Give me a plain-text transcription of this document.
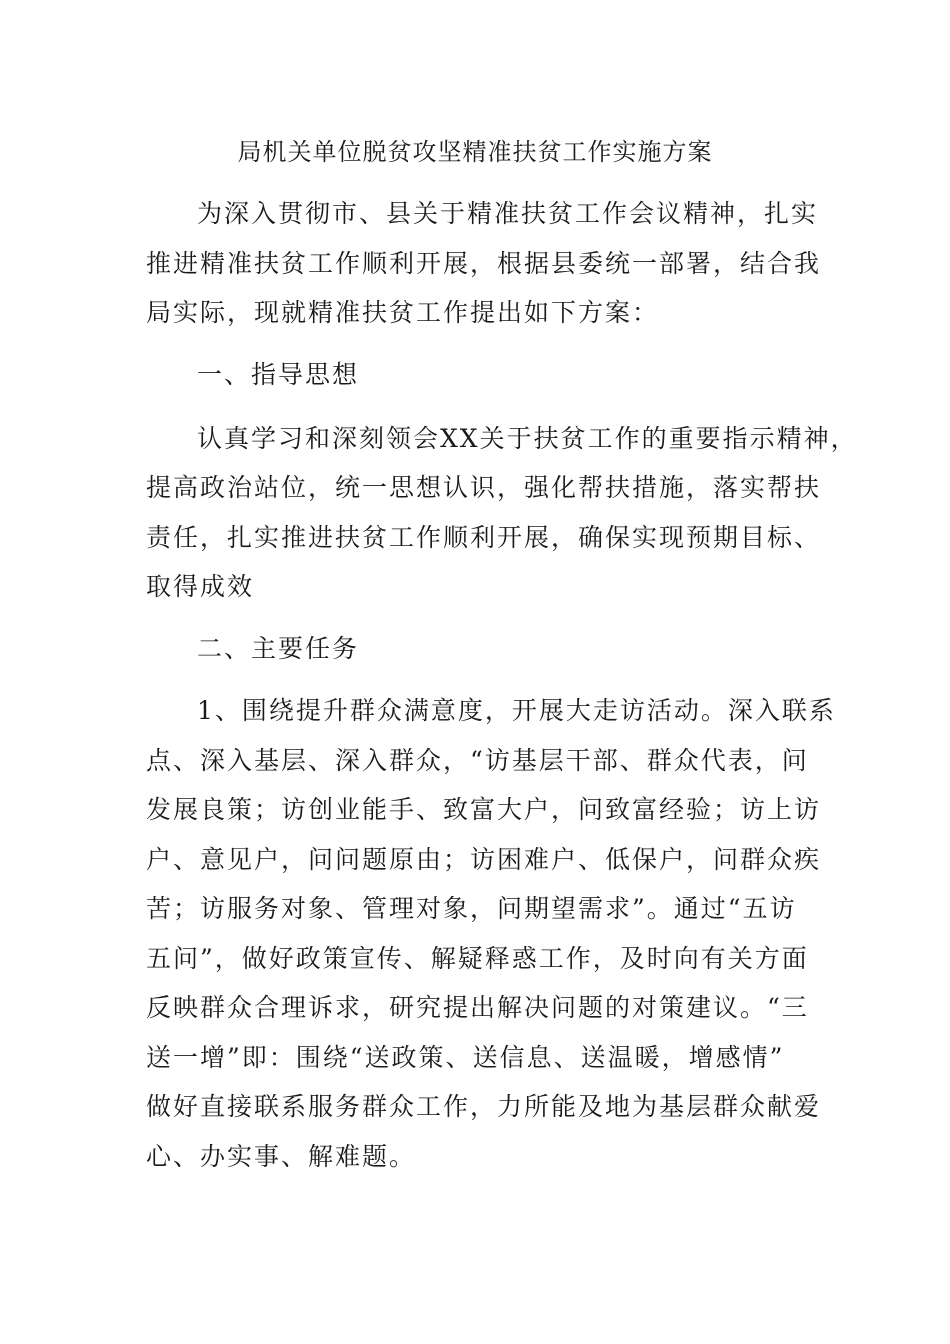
局机关单位脱贫攻坚精准扶贫工作实施方案

为深入贯彻市、县关于精准扶贫工作会议精神，扎实

推进精准扶贫工作顺利开展，根据县委统一部署，结合我

局实际，现就精准扶贫工作提出如下方案：

一、指导思想

认真学习和深刻领会XX关于扶贫工作的重要指示精神，

提高政治站位，统一思想认识，强化帮扶措施，落实帮扶

责任，扎实推进扶贫工作顺利开展，确保实现预期目标、

取得成效

二、主要任务

1、围绕提升群众满意度，开展大走访活动。深入联系

点、深入基层、深入群众，“访基层干部、群众代表，问

发展良策；访创业能手、致富大户，问致富经验；访上访

户、意见户，问问题原由；访困难户、低保户，问群众疾

苦；访服务对象、管理对象，问期望需求”。通过“五访

五问”，做好政策宣传、解疑释惑工作，及时向有关方面

反映群众合理诉求，研究提出解决问题的对策建议。“三

送一增”即：围绕“送政策、送信息、送温暖，增感情”

做好直接联系服务群众工作，力所能及地为基层群众献爱

心、办实事、解难题。
